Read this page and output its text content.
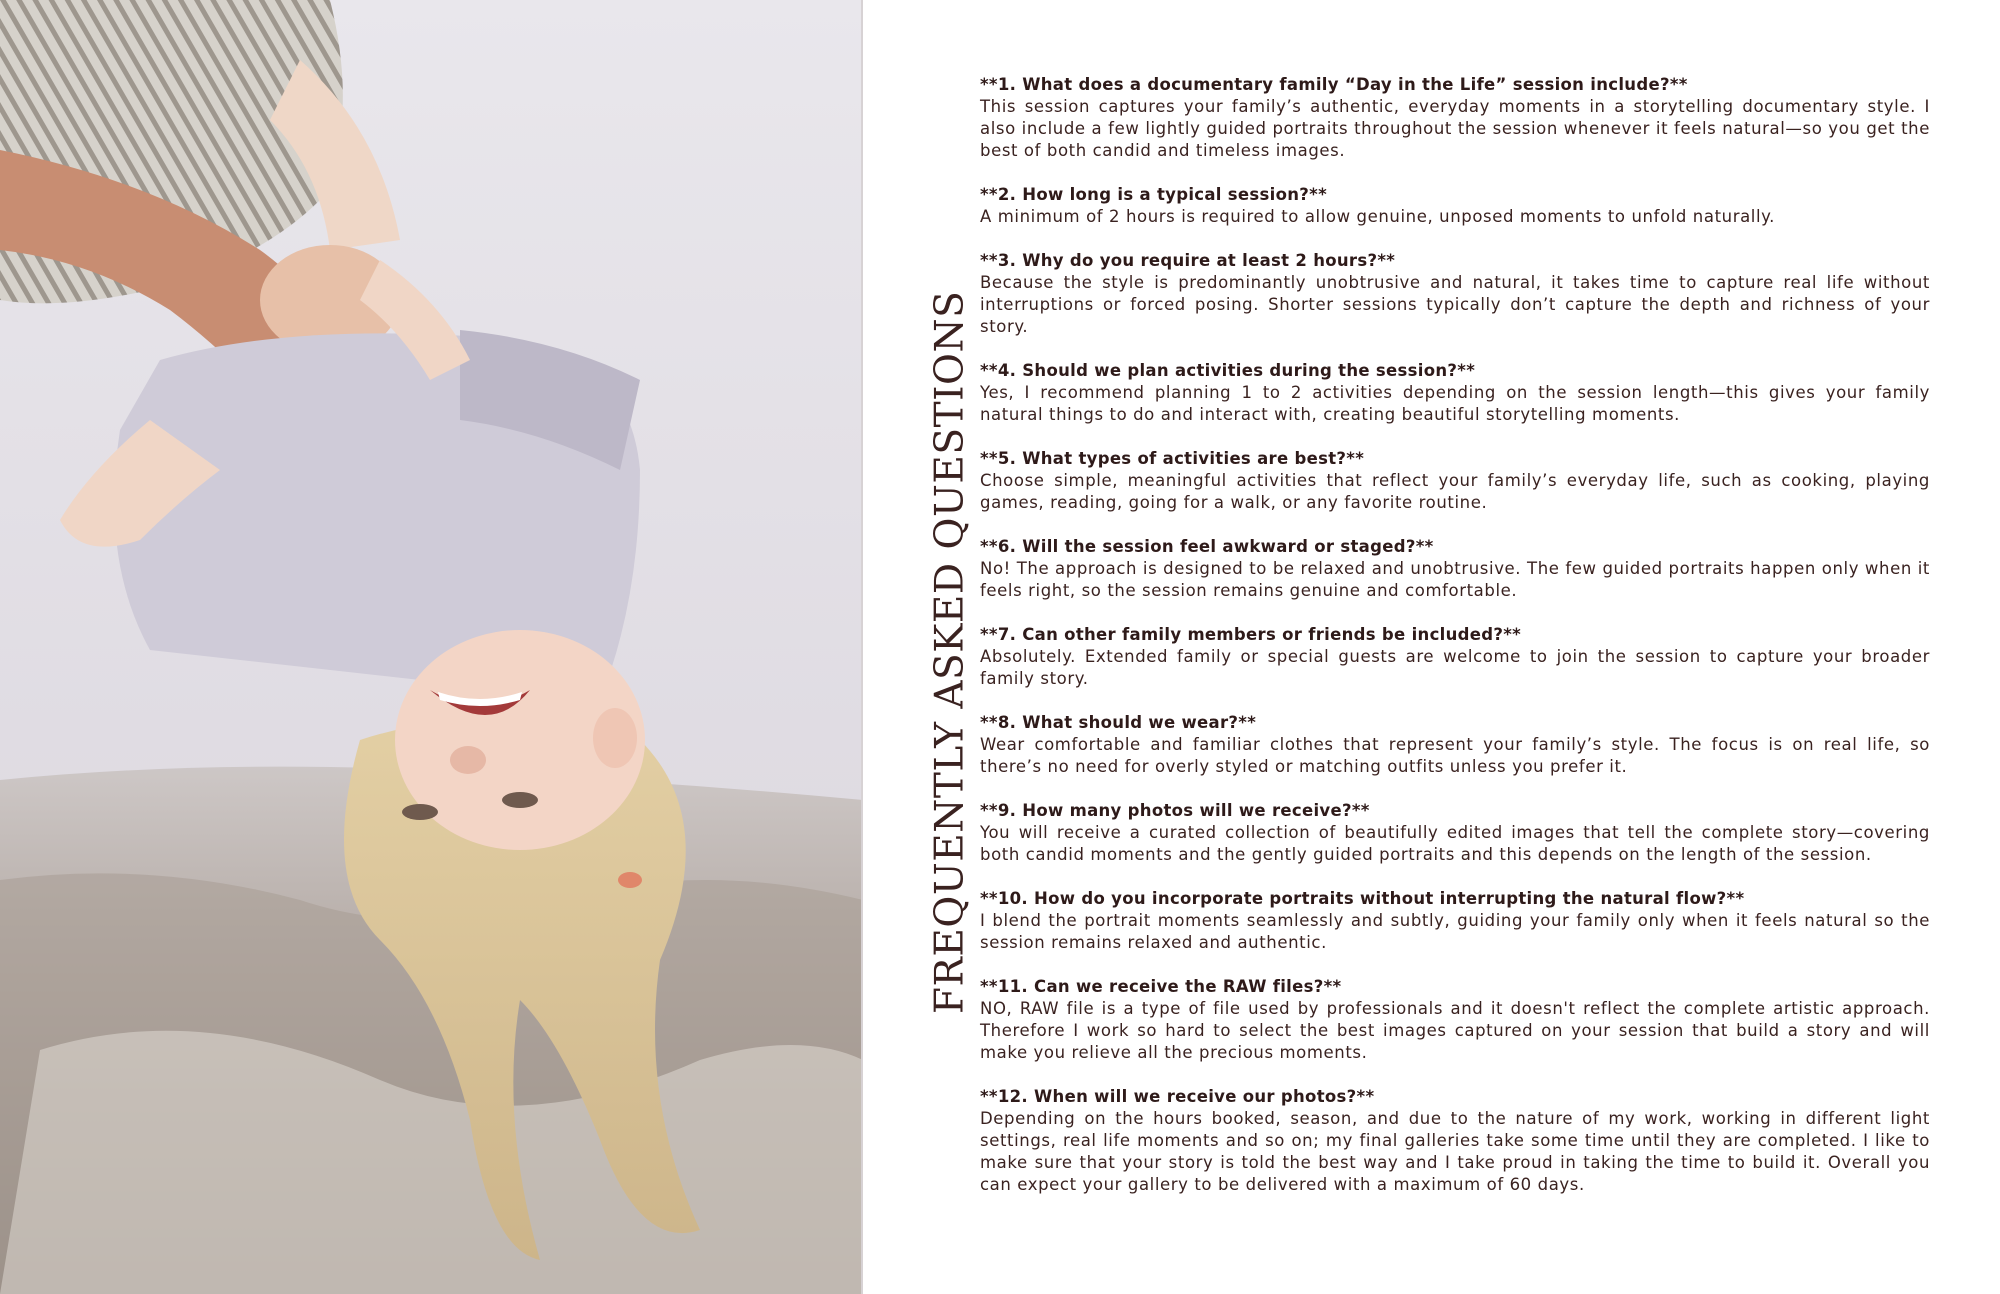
FREQUENTLY ASKED QUESTIONS
**1. What does a documentary family “Day in the Life” session include?**
This session captures your family’s authentic, everyday moments in a storytelling documentary style. I also include a few lightly guided portraits throughout the session whenever it feels natural—so you get the best of both candid and timeless images.
**2. How long is a typical session?**
A minimum of 2 hours is required to allow genuine, unposed moments to unfold naturally.
**3. Why do you require at least 2 hours?**
Because the style is predominantly unobtrusive and natural, it takes time to capture real life without interruptions or forced posing. Shorter sessions typically don’t capture the depth and richness of your story.
**4. Should we plan activities during the session?**
Yes, I recommend planning 1 to 2 activities depending on the session length—this gives your family natural things to do and interact with, creating beautiful storytelling moments.
**5. What types of activities are best?**
Choose simple, meaningful activities that reflect your family’s everyday life, such as cooking, playing games, reading, going for a walk, or any favorite routine.
**6. Will the session feel awkward or staged?**
No! The approach is designed to be relaxed and unobtrusive. The few guided portraits happen only when it feels right, so the session remains genuine and comfortable.
**7. Can other family members or friends be included?**
Absolutely. Extended family or special guests are welcome to join the session to capture your broader family story.
**8. What should we wear?**
Wear comfortable and familiar clothes that represent your family’s style. The focus is on real life, so there’s no need for overly styled or matching outfits unless you prefer it.
**9. How many photos will we receive?**
You will receive a curated collection of beautifully edited images that tell the complete story—covering both candid moments and the gently guided portraits and this depends on the length of the session.
**10. How do you incorporate portraits without interrupting the natural flow?**
I blend the portrait moments seamlessly and subtly, guiding your family only when it feels natural so the session remains relaxed and authentic.
**11. Can we receive the RAW files?**
NO, RAW file is a type of file used by professionals and it doesn't reflect the complete artistic approach. Therefore I work so hard to select the best images captured on your session that build a story and will make you relieve all the precious moments.
**12. When will we receive our photos?**
Depending on the hours booked, season, and due to the nature of my work, working in different light settings, real life moments and so on; my final galleries take some time until they are completed. I like to make sure that your story is told the best way and I take proud in taking the time to build it. Overall you can expect your gallery to be delivered with a maximum of 60 days.
